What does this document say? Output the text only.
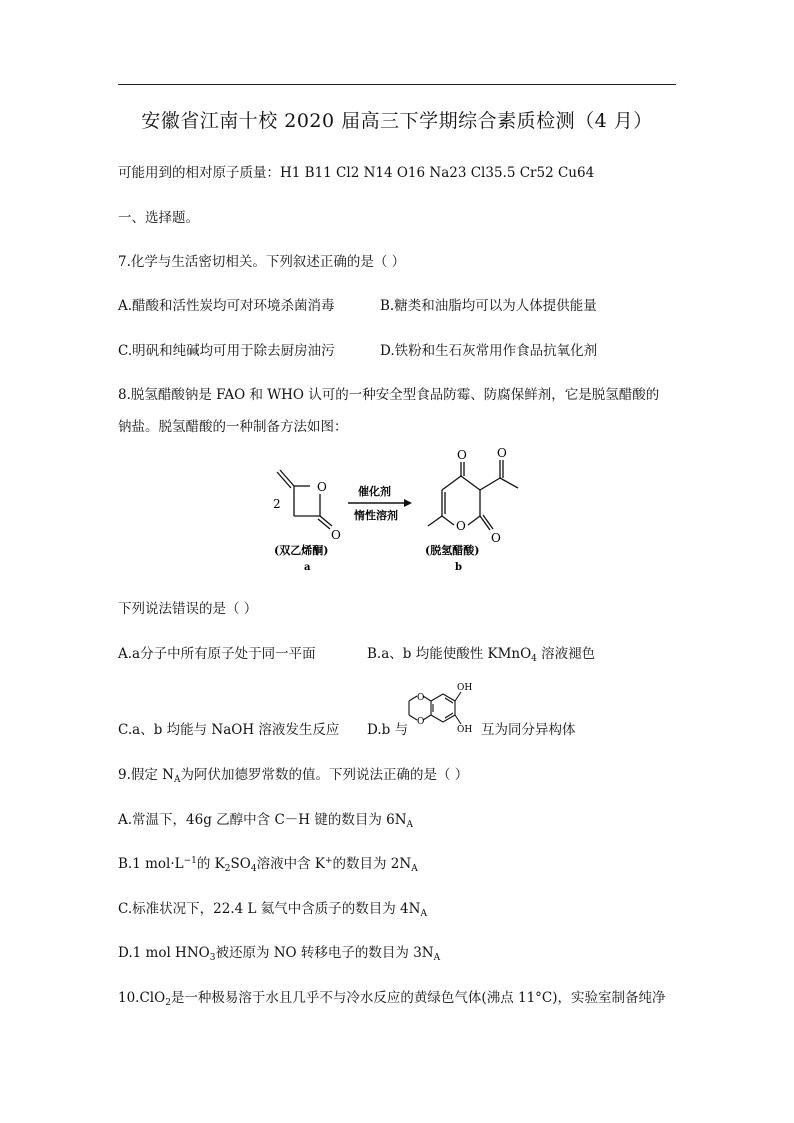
安徽省江南十校 2020 届高三下学期综合素质检测（4 月）
可能用到的相对原子质量：H1 B11 Cl2 N14 O16 Na23 Cl35.5 Cr52 Cu64
一、选择题。
7.化学与生活密切相关。下列叙述正确的是（ ）
A.醋酸和活性炭均可对环境杀菌消毒	B.糖类和油脂均可以为人体提供能量
C.明矾和纯碱均可用于除去厨房油污	D.铁粉和生石灰常用作食品抗氧化剂
8.脱氢醋酸钠是 FAO 和 WHO 认可的一种安全型食品防霉、防腐保鲜剂，它是脱氢醋酸的
钠盐。脱氢醋酸的一种制备方法如图：
O
O
2
催化剂
惰性溶剂
O
O
O
O
(双乙烯酮)
a
(脱氢醋酸)
b
下列说法错误的是（ ）
A.a分子中所有原子处于同一平面	B.a、b 均能使酸性 KMnO$_4$ 溶液褪色
C.a、b 均能与 NaOH 溶液发生反应 D.b 与
O
O
OH
OH 互为同分异构体
9.假定 $N_A$为阿伏加德罗常数的值。下列说法正确的是（ ）
A.常温下，46g 乙醇中含 C－H 键的数目为 $6N_A$
B.1 $mol\cdot L^{-1}$的 $K_2SO_4$溶液中含 K+的数目为 $2N_A$
C.标准状况下，22.4 L 氦气中含质子的数目为 $4N_A$
D.1 mol $HNO_3$被还原为 NO 转移电子的数目为 $3N_A$
10.ClO$_2$是一种极易溶于水且几乎不与冷水反应的黄绿色气体(沸点 11°C)，实验室制备纯净
